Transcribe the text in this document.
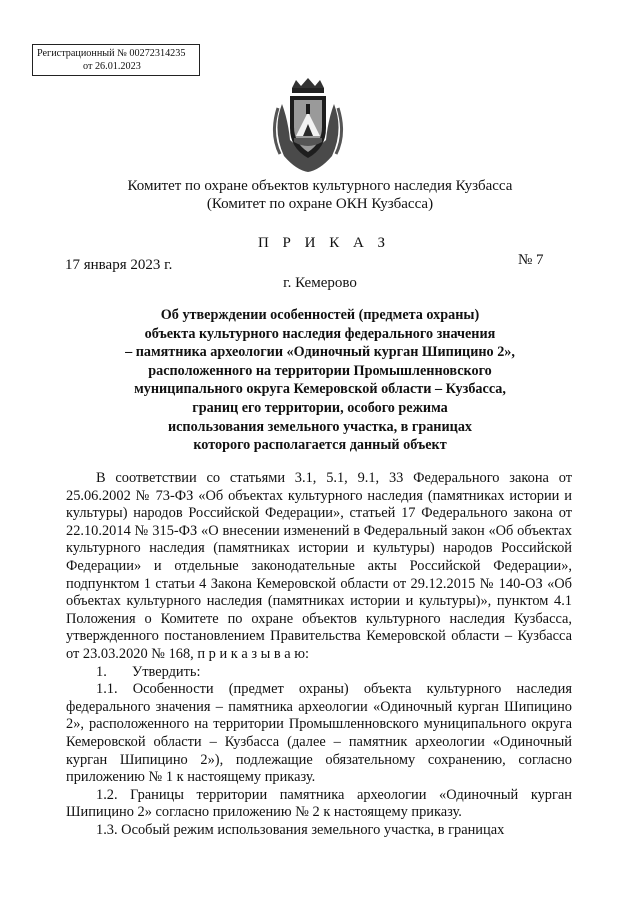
Регистрационный № 00272314235
от 26.01.2023
Комитет по охране объектов культурного наследия Кузбасса
(Комитет по охране ОКН Кузбасса)
П Р И К А З
17 января 2023 г.	№ 7
г. Кемерово
Об утверждении особенностей (предмета охраны)
объекта культурного наследия федерального значения
– памятника археологии «Одиночный курган Шипицино 2»,
расположенного на территории Промышленновского
муниципального округа Кемеровской области – Кузбасса,
границ его территории, особого режима
использования земельного участка, в границах
которого располагается данный объект

В соответствии со статьями 3.1, 5.1, 9.1, 33 Федерального закона от 25.06.2002 № 73-ФЗ «Об объектах культурного наследия (памятниках истории и культуры) народов Российской Федерации», статьей 17 Федерального закона от 22.10.2014 № 315-ФЗ «О внесении изменений в Федеральный закон «Об объектах культурного наследия (памятниках истории и культуры) народов Российской Федерации» и отдельные законодательные акты Российской Федерации», подпунктом 1 статьи 4 Закона Кемеровской области от 29.12.2015 № 140-ОЗ «Об объектах культурного наследия (памятниках истории и культуры)», пунктом 4.1 Положения о Комитете по охране объектов культурного наследия Кузбасса, утвержденного постановлением Правительства Кемеровской области – Кузбасса от 23.03.2020 № 168, п р и к а з ы в а ю:

1.	Утвердить:

1.1. Особенности (предмет охраны) объекта культурного наследия федерального значения – памятника археологии «Одиночный курган Шипицино 2», расположенного на территории Промышленновского муниципального округа Кемеровской области – Кузбасса (далее – памятник археологии «Одиночный курган Шипицино 2»), подлежащие обязательному сохранению, согласно приложению № 1 к настоящему приказу.

1.2. Границы территории памятника археологии «Одиночный курган Шипицино 2» согласно приложению № 2 к настоящему приказу.

1.3. Особый режим использования земельного участка, в границах
